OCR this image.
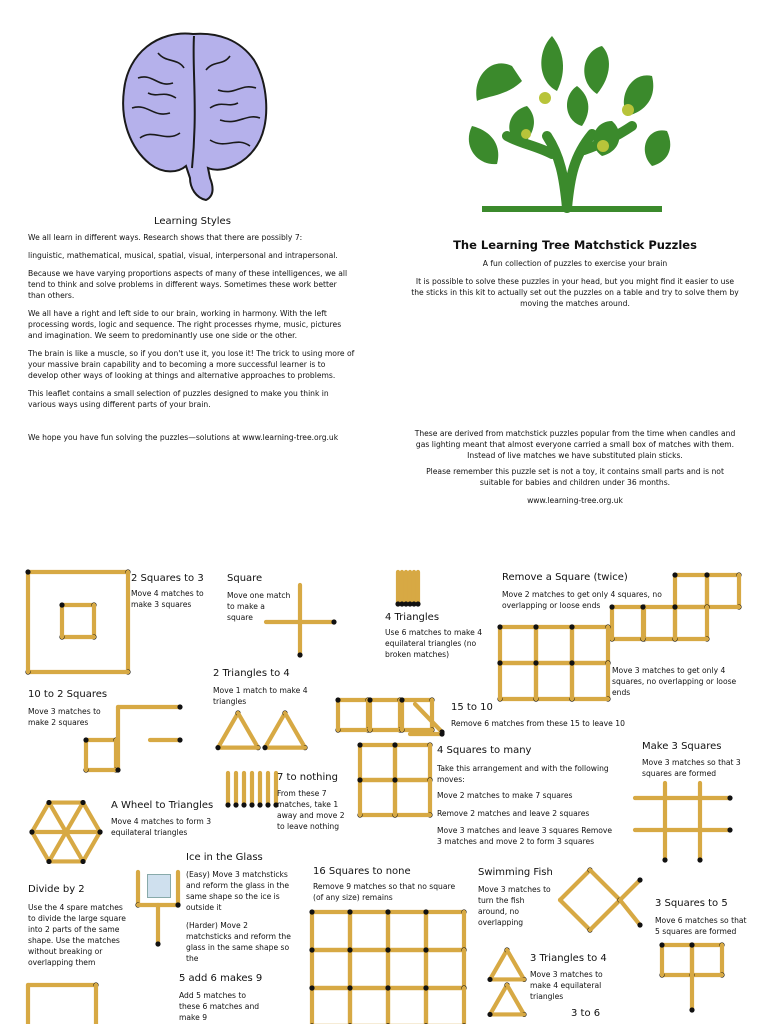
Learning Styles

We all learn in different ways. Research shows that there are possibly 7:

linguistic, mathematical, musical, spatial, visual, interpersonal and intrapersonal.

Because we have varying proportions aspects of many of these intelligences, we all tend to think and solve problems in different ways. Sometimes these work better than others.

We all have a right and left side to our brain, working in harmony. With the left processing words, logic and sequence. The right processes rhyme, music, pictures and imagination. We seem to predominantly use one side or the other.

The brain is like a muscle, so if you don't use it, you lose it! The trick to using more of your massive brain capability and to becoming a more successful learner is to develop other ways of looking at things and alternative approaches to problems.

This leaflet contains a small selection of puzzles designed to make you think in various ways using different parts of your brain.

We hope you have fun solving the puzzles—solutions at www.learning-tree.org.uk
The Learning Tree Matchstick Puzzles
A fun collection of puzzles to exercise your brain
It is possible to solve these puzzles in your head, but you might find it easier to use the sticks in this kit to actually set out the puzzles on a table and try to solve them by moving the matches around.
These are derived from matchstick puzzles popular from the time when candles and gas lighting meant that almost everyone carried a small box of matches with them. Instead of live matches we have substituted plain sticks.
Please remember this puzzle set is not a toy, it contains small parts and is not suitable for babies and children under 36 months.
www.learning-tree.org.uk
2 Squares to 3
Move 4 matches to make 3 squares
Square
Move one match to make a square	4 Triangles
Use 6 matches to make 4 equilateral triangles (no broken matches)
Remove a Square (twice)
Move 2 matches to get only 4 squares, no overlapping or loose ends
Move 3 matches to get only 4 squares, no overlapping or loose ends
2 Triangles to 4
Move 1 match to make 4 triangles
10 to 2 Squares
Move 3 matches to make 2 squares
15 to 10
Remove 6 matches from these 15 to leave 10
4 Squares to many
Take this arrangement and with the following moves:
Move 2 matches to make 7 squares
Remove 2 matches and leave 2 squares
Move 3 matches and leave 3 squares Remove 3 matches and move 2 to form 3 squares
Make 3 Squares
Move 3 matches so that 3 squares are formed
7 to nothing
From these 7 matches, take 1 away and move 2 to leave nothing
A Wheel to Triangles
Move 4 matches to form 3 equilateral triangles
Ice in the Glass
(Easy) Move 3 matchsticks and reform the glass in the same shape so the ice is outside it
(Harder) Move 2 matchsticks and reform the glass in the same shape so the
16 Squares to none
Remove 9 matches so that no square (of any size) remains
Swimming Fish
Move 3 matches to turn the fish around, no overlapping
Divide by 2
Use the 4 spare matches to divide the large square into 2 parts of the same shape. Use the matches without breaking or overlapping them
3 Squares to 5
Move 6 matches so that 5 squares are formed
3 Triangles to 4
Move 3 matches to make 4 equilateral triangles
5 add 6 makes 9
Add 5 matches to these 6 matches and make 9	3 to 6
